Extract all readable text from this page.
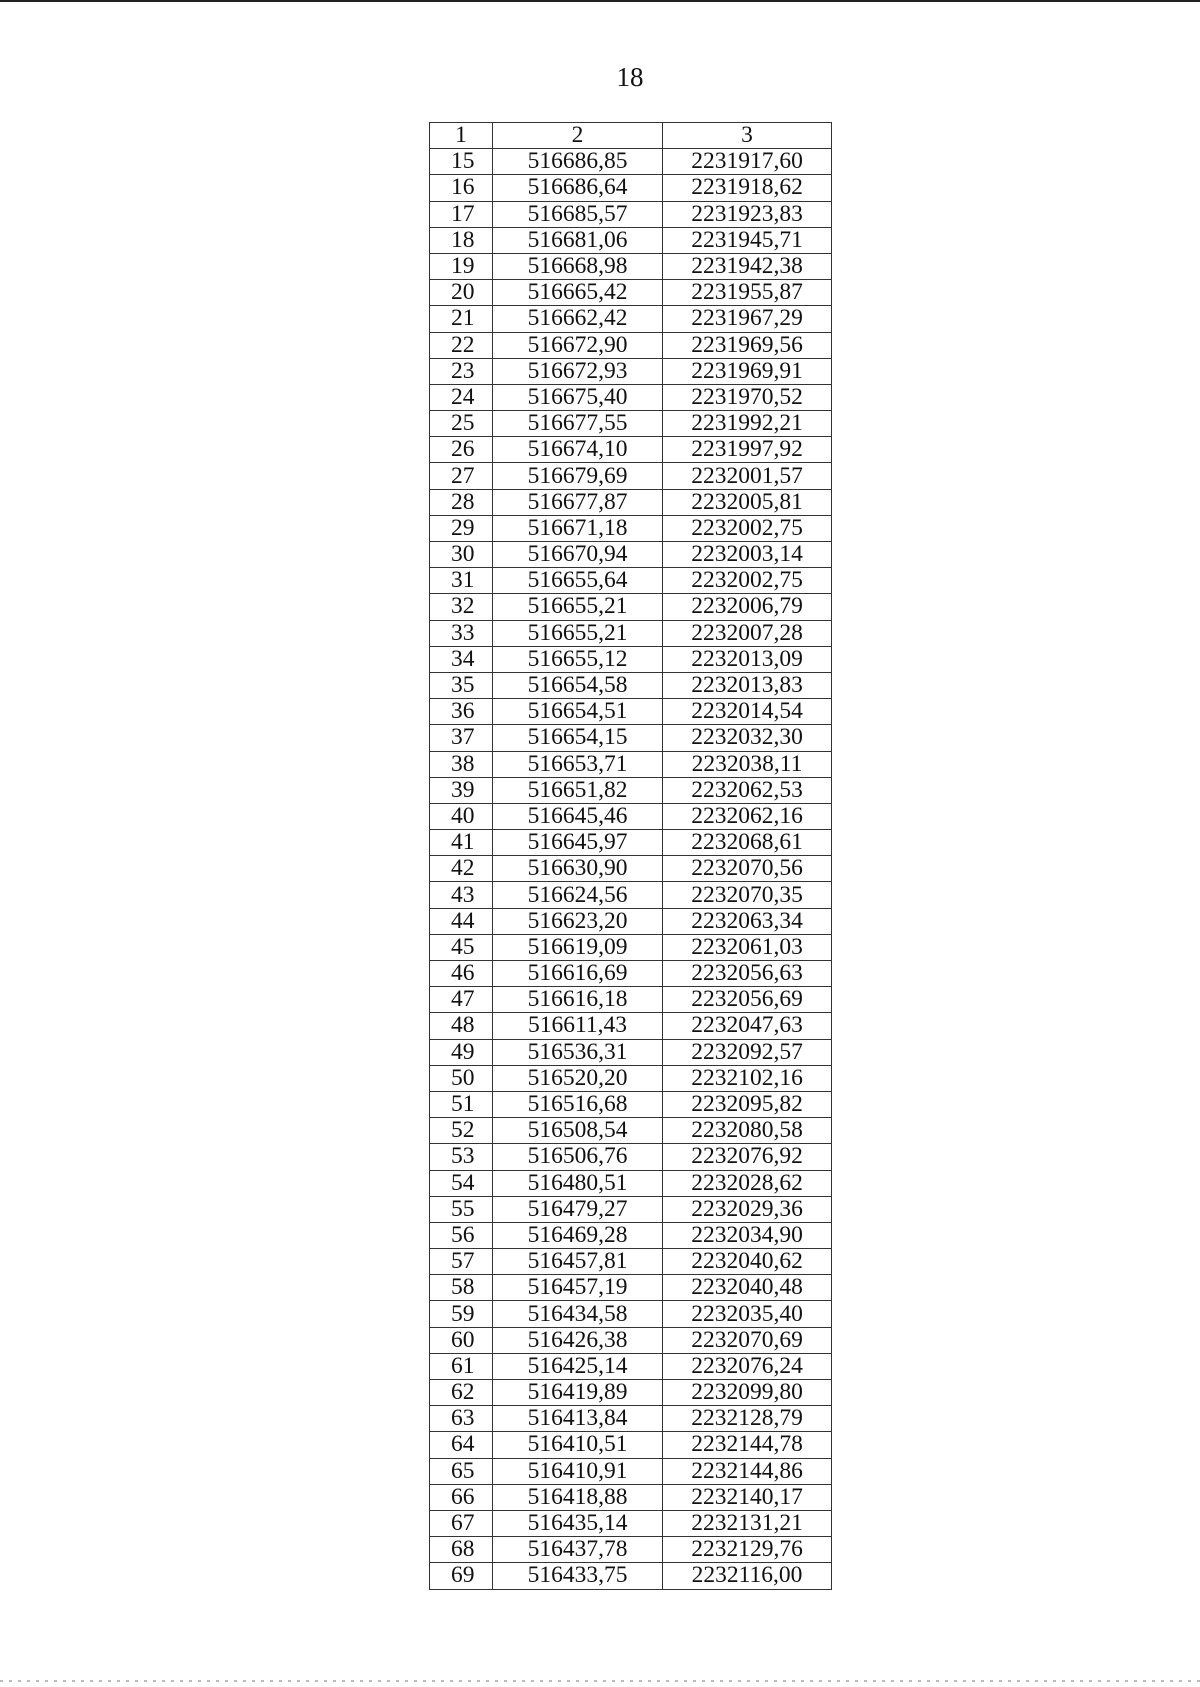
18
1	2	3
15	516686,85	2231917,60
16	516686,64	2231918,62
17	516685,57	2231923,83
18	516681,06	2231945,71
19	516668,98	2231942,38
20	516665,42	2231955,87
21	516662,42	2231967,29
22	516672,90	2231969,56
23	516672,93	2231969,91
24	516675,40	2231970,52
25	516677,55	2231992,21
26	516674,10	2231997,92
27	516679,69	2232001,57
28	516677,87	2232005,81
29	516671,18	2232002,75
30	516670,94	2232003,14
31	516655,64	2232002,75
32	516655,21	2232006,79
33	516655,21	2232007,28
34	516655,12	2232013,09
35	516654,58	2232013,83
36	516654,51	2232014,54
37	516654,15	2232032,30
38	516653,71	2232038,11
39	516651,82	2232062,53
40	516645,46	2232062,16
41	516645,97	2232068,61
42	516630,90	2232070,56
43	516624,56	2232070,35
44	516623,20	2232063,34
45	516619,09	2232061,03
46	516616,69	2232056,63
47	516616,18	2232056,69
48	516611,43	2232047,63
49	516536,31	2232092,57
50	516520,20	2232102,16
51	516516,68	2232095,82
52	516508,54	2232080,58
53	516506,76	2232076,92
54	516480,51	2232028,62
55	516479,27	2232029,36
56	516469,28	2232034,90
57	516457,81	2232040,62
58	516457,19	2232040,48
59	516434,58	2232035,40
60	516426,38	2232070,69
61	516425,14	2232076,24
62	516419,89	2232099,80
63	516413,84	2232128,79
64	516410,51	2232144,78
65	516410,91	2232144,86
66	516418,88	2232140,17
67	516435,14	2232131,21
68	516437,78	2232129,76
69	516433,75	2232116,00
